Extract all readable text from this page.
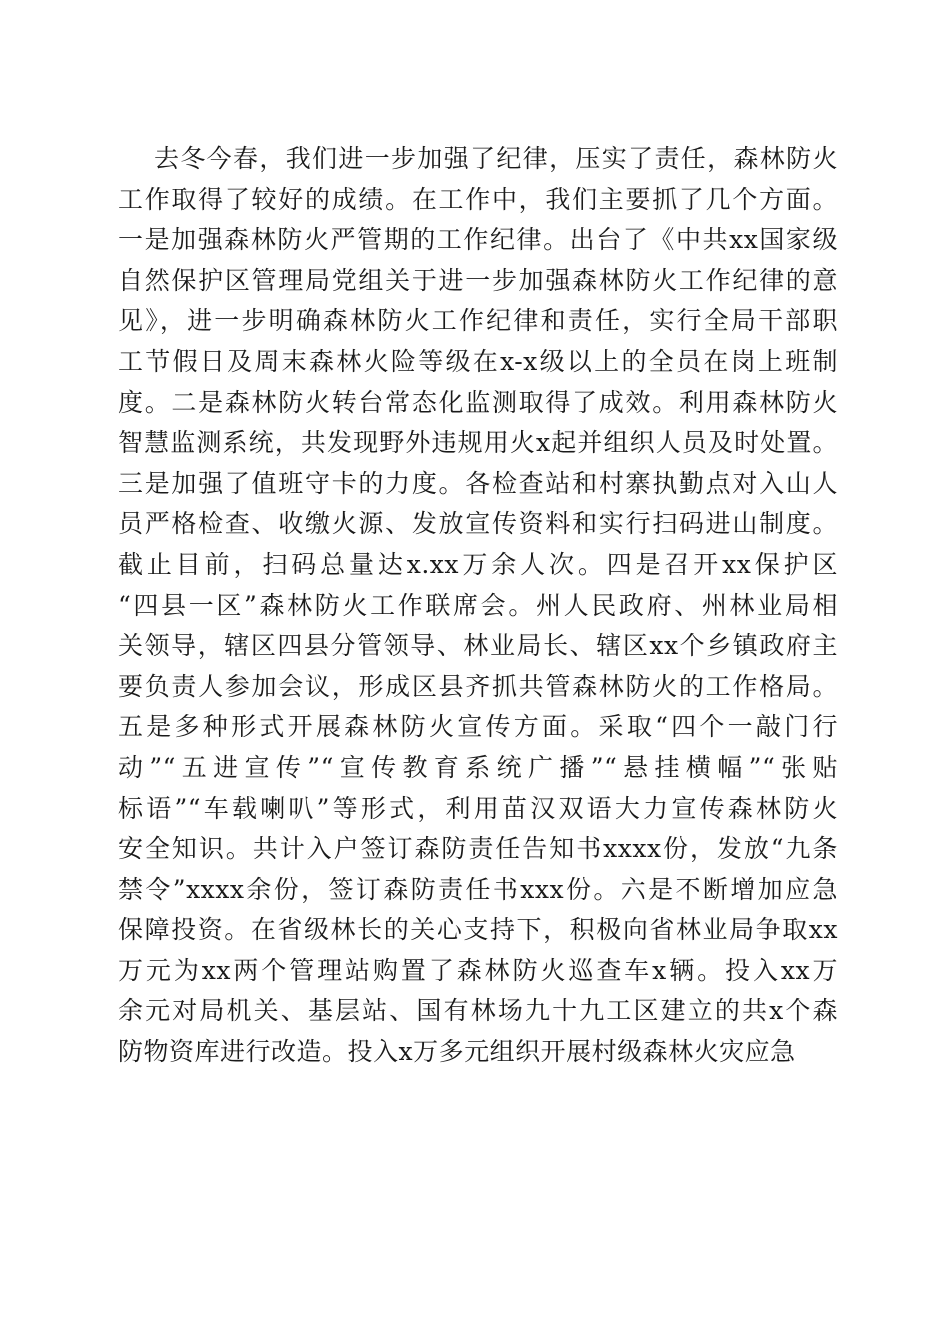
去冬今春，我们进一步加强了纪律，压实了责任，森林防火
工作取得了较好的成绩。在工作中，我们主要抓了几个方面。
一是加强森林防火严管期的工作纪律。出台了《中共xx国家级
自然保护区管理局党组关于进一步加强森林防火工作纪律的意
见》，进一步明确森林防火工作纪律和责任，实行全局干部职
工节假日及周末森林火险等级在x-x级以上的全员在岗上班制
度。二是森林防火转台常态化监测取得了成效。利用森林防火
智慧监测系统，共发现野外违规用火x起并组织人员及时处置。
三是加强了值班守卡的力度。各检查站和村寨执勤点对入山人
员严格检查、收缴火源、发放宣传资料和实行扫码进山制度。
截止目前，扫码总量达x.xx万余人次。四是召开xx保护区
“四县一区”森林防火工作联席会。州人民政府、州林业局相
关领导，辖区四县分管领导、林业局长、辖区xx个乡镇政府主
要负责人参加会议，形成区县齐抓共管森林防火的工作格局。
五是多种形式开展森林防火宣传方面。采取“四个一敲门行
动”“五进宣传”“宣传教育系统广播”“悬挂横幅”“张贴
标语”“车载喇叭”等形式，利用苗汉双语大力宣传森林防火
安全知识。共计入户签订森防责任告知书xxxx份，发放“九条
禁令”xxxx余份，签订森防责任书xxx份。六是不断增加应急
保障投资。在省级林长的关心支持下，积极向省林业局争取xx
万元为xx两个管理站购置了森林防火巡查车x辆。投入xx万
余元对局机关、基层站、国有林场九十九工区建立的共x个森
防物资库进行改造。投入x万多元组织开展村级森林火灾应急
